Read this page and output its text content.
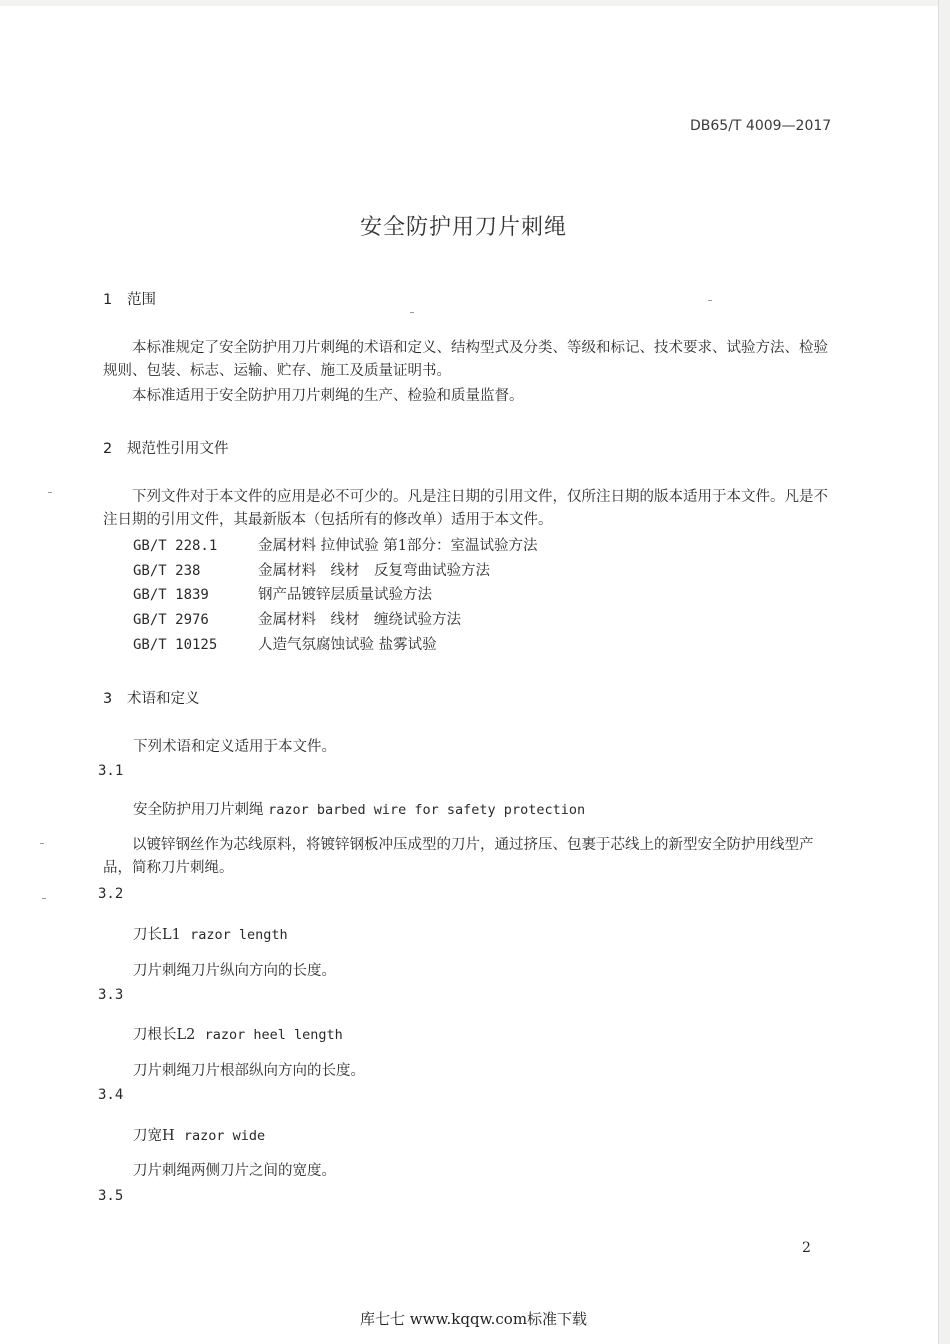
DB65/T 4009—2017
安全防护用刀片刺绳
1 范围
本标准规定了安全防护用刀片刺绳的术语和定义、结构型式及分类、等级和标记、技术要求、试验方法、检验规则、包装、标志、运输、贮存、施工及质量证明书。
本标准适用于安全防护用刀片刺绳的生产、检验和质量监督。
2 规范性引用文件
下列文件对于本文件的应用是必不可少的。凡是注日期的引用文件，仅所注日期的版本适用于本文件。凡是不注日期的引用文件，其最新版本（包括所有的修改单）适用于本文件。
GB/T 228.1	金属材料 拉伸试验 第1部分：室温试验方法
GB/T 238	金属材料　线材　反复弯曲试验方法
GB/T 1839	钢产品镀锌层质量试验方法
GB/T 2976	金属材料　线材　缠绕试验方法
GB/T 10125	人造气氛腐蚀试验 盐雾试验
3 术语和定义
下列术语和定义适用于本文件。
3.1
安全防护用刀片刺绳 razor barbed wire for safety protection
以镀锌钢丝作为芯线原料，将镀锌钢板冲压成型的刀片，通过挤压、包裹于芯线上的新型安全防护用线型产品，简称刀片刺绳。
3.2
刀长L1 razor length
刀片刺绳刀片纵向方向的长度。
3.3
刀根长L2 razor heel length
刀片刺绳刀片根部纵向方向的长度。
3.4
刀宽H razor wide
刀片刺绳两侧刀片之间的宽度。
3.5
2
库七七 www.kqqw.com标准下载
